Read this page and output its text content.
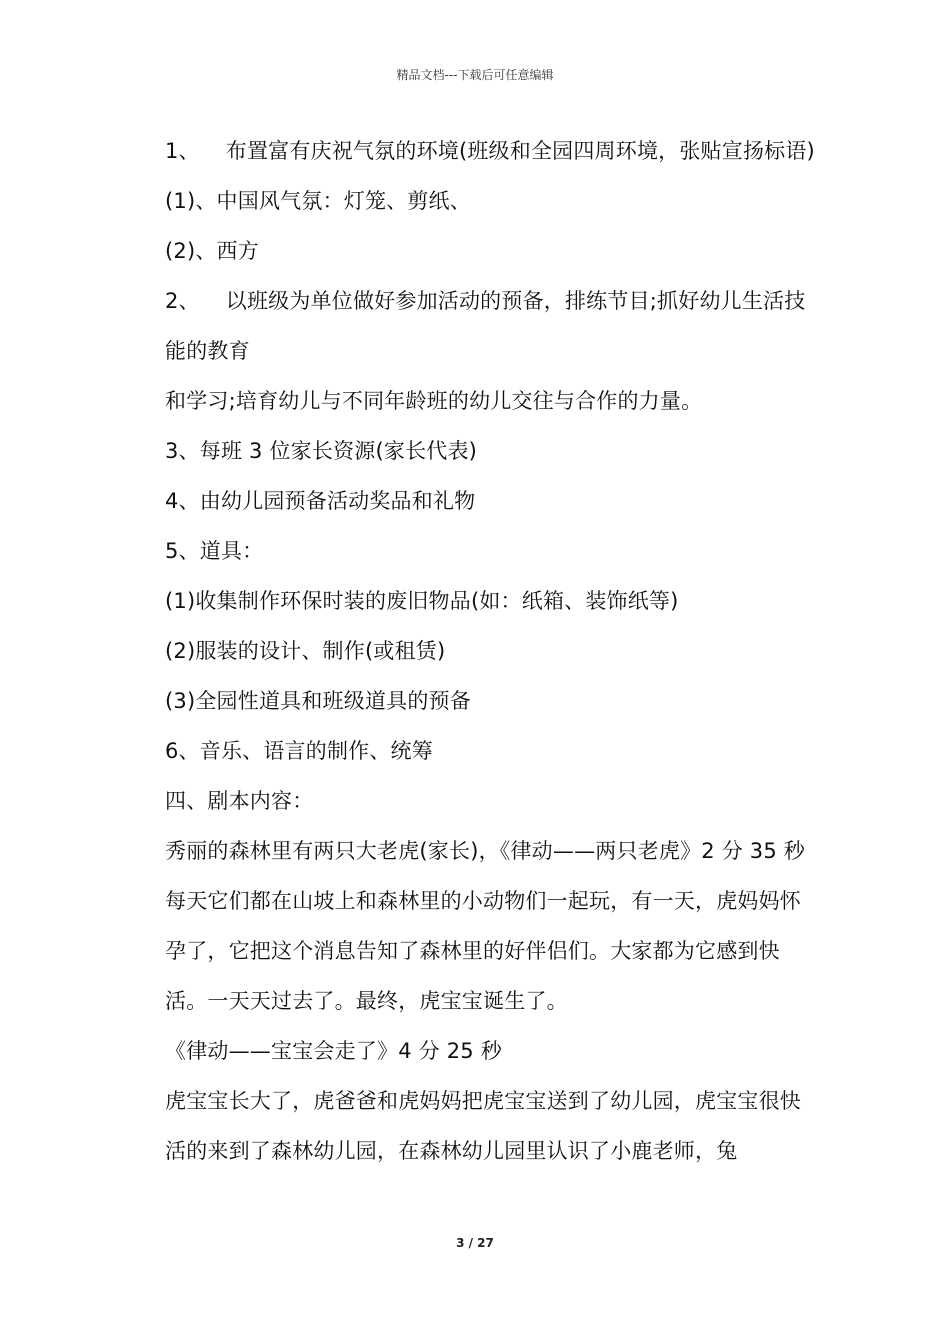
精品文档---下载后可任意编辑

1、 布置富有庆祝气氛的环境(班级和全园四周环境，张贴宣扬标语)

(1)、中国风气氛：灯笼、剪纸、

(2)、西方

2、 以班级为单位做好参加活动的预备，排练节目;抓好幼儿生活技能的教育

和学习;培育幼儿与不同年龄班的幼儿交往与合作的力量。

3、每班 3 位家长资源(家长代表)

4、由幼儿园预备活动奖品和礼物

5、道具：

(1)收集制作环保时装的废旧物品(如：纸箱、装饰纸等)

(2)服装的设计、制作(或租赁)

(3)全园性道具和班级道具的预备

6、音乐、语言的制作、统筹

四、剧本内容：

秀丽的森林里有两只大老虎(家长)，《律动——两只老虎》2 分 35 秒每天它们都在山坡上和森林里的小动物们一起玩，有一天，虎妈妈怀孕了，它把这个消息告知了森林里的好伴侣们。大家都为它感到快活。一天天过去了。最终，虎宝宝诞生了。

《律动——宝宝会走了》4 分 25 秒

虎宝宝长大了，虎爸爸和虎妈妈把虎宝宝送到了幼儿园，虎宝宝很快活的来到了森林幼儿园，在森林幼儿园里认识了小鹿老师，兔

3 / 27
